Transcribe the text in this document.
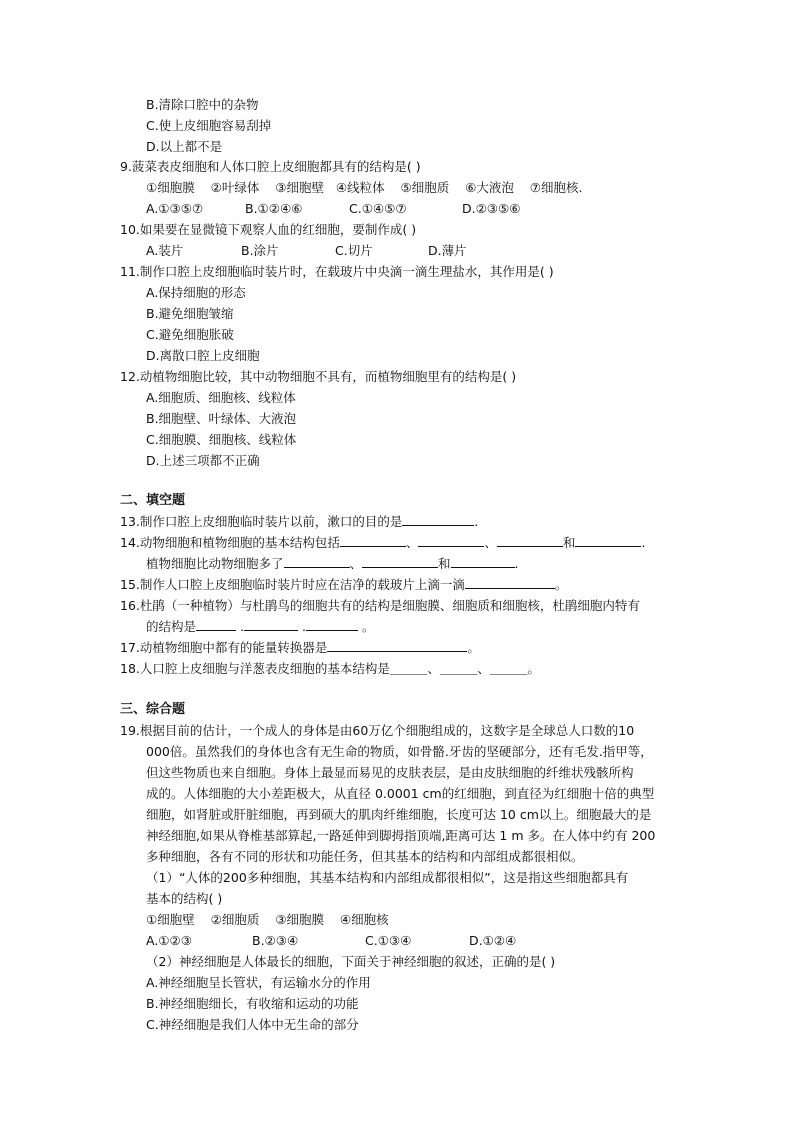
B.清除口腔中的杂物
C.使上皮细胞容易刮掉
D.以上都不是
9.菠菜表皮细胞和人体口腔上皮细胞都具有的结构是( )
①细胞膜 ②叶绿体 ③细胞壁 ④线粒体 ⑤细胞质 ⑥大液泡 ⑦细胞核.
A.①③⑤⑦	B.①②④⑥	C.①④⑤⑦	D.②③⑤⑥
10.如果要在显微镜下观察人血的红细胞，要制作成( )
A.装片	B.涂片	C.切片	D.薄片
11.制作口腔上皮细胞临时装片时，在载玻片中央滴一滴生理盐水，其作用是( )
A.保持细胞的形态
B.避免细胞皱缩
C.避免细胞胀破
D.离散口腔上皮细胞
12.动植物细胞比较，其中动物细胞不具有，而植物细胞里有的结构是( )
A.细胞质、细胞核、线粒体
B.细胞壁、叶绿体、大液泡
C.细胞膜、细胞核、线粒体
D.上述三项都不正确
二、填空题
13.制作口腔上皮细胞临时装片以前，漱口的目的是	.
14.动物细胞和植物细胞的基本结构包括	、	、	和	.
植物细胞比动物细胞多了	、	和	.
15.制作人口腔上皮细胞临时装片时应在洁净的载玻片上滴一滴	。
16.杜鹃（一种植物）与杜鹃鸟的细胞共有的结构是细胞膜、细胞质和细胞核，杜鹃细胞内特有
的结构是	.	.	。
17.动植物细胞中都有的能量转换器是	。
18.人口腔上皮细胞与洋葱表皮细胞的基本结构是＿＿＿、＿＿＿、＿＿＿。
三、综合题
19.根据目前的估计，一个成人的身体是由60万亿个细胞组成的，这数字是全球总人口数的10
000倍。虽然我们的身体也含有无生命的物质，如骨骼.牙齿的坚硬部分，还有毛发.指甲等，
但这些物质也来自细胞。身体上最显而易见的皮肤表层，是由皮肤细胞的纤维状残骸所构
成的。人体细胞的大小差距极大，从直径 0.0001 cm的红细胞，到直径为红细胞十倍的典型
细胞，如肾脏或肝脏细胞，再到硕大的肌肉纤维细胞，长度可达 10 cm以上。细胞最大的是
神经细胞,如果从脊椎基部算起,一路延伸到脚拇指顶端,距离可达 1 m 多。在人体中约有 200
多种细胞，各有不同的形状和功能任务，但其基本的结构和内部组成都很相似。
（1）“人体的200多种细胞，其基本结构和内部组成都很相似”，这是指这些细胞都具有
基本的结构( )
①细胞壁 ②细胞质 ③细胞膜 ④细胞核
A.①②③	B.②③④	C.①③④	D.①②④
（2）神经细胞是人体最长的细胞，下面关于神经细胞的叙述，正确的是( )
A.神经细胞呈长管状，有运输水分的作用
B.神经细胞细长，有收缩和运动的功能
C.神经细胞是我们人体中无生命的部分
